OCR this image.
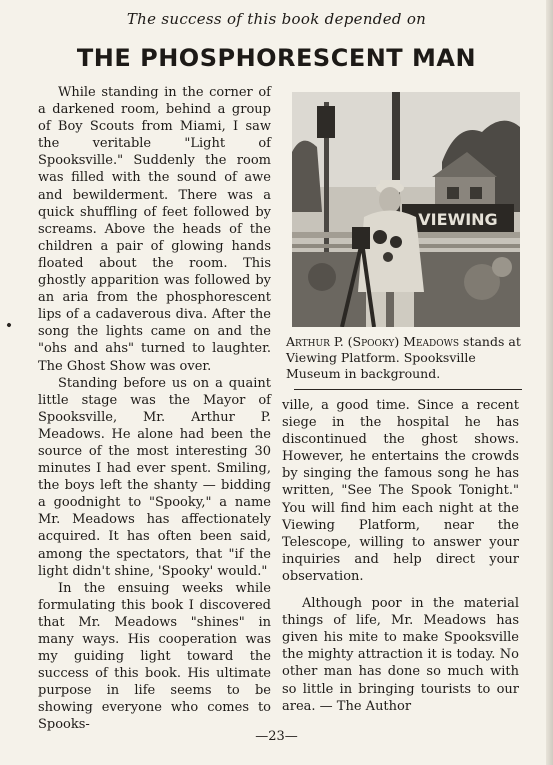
The success of this book depended on
THE PHOSPHORESCENT MAN

While standing in the corner of a darkened room, behind a group of Boy Scouts from Miami, I saw the veritable "Light of Spooksville." Suddenly the room was filled with the sound of awe and bewilderment. There was a quick shuffling of feet followed by screams. Above the heads of the children a pair of glowing hands floated about the room. This ghostly apparition was followed by an aria from the phosphorescent lips of a cadaverous diva. After the song the lights came on and the "ohs and ahs" turned to laughter. The Ghost Show was over.

Standing before us on a quaint little stage was the Mayor of Spooksville, Mr. Arthur P. Meadows. He alone had been the source of the most interesting 30 minutes I had ever spent. Smiling, the boys left the shanty — bidding a goodnight to "Spooky," a name Mr. Meadows has affectionately acquired. It has often been said, among the spectators, that "if the light didn't shine, 'Spooky' would."

In the ensuing weeks while formulating this book I discovered that Mr. Meadows "shines" in many ways. His cooperation was my guiding light toward the success of this book. His ultimate purpose in life seems to be showing everyone who comes to Spooks-

VIEWING
Arthur P. (Spooky) Meadows stands at Viewing Platform. Spooksville Museum in background.

ville, a good time. Since a recent siege in the hospital he has discontinued the ghost shows. However, he entertains the crowds by singing the famous song he has written, "See The Spook Tonight." You will find him each night at the Viewing Platform, near the Telescope, willing to answer your inquiries and help direct your observation.

Although poor in the material things of life, Mr. Meadows has given his mite to make Spooksville the mighty attraction it is today. No other man has done so much with so little in bringing tourists to our area. — The Author

—23—
